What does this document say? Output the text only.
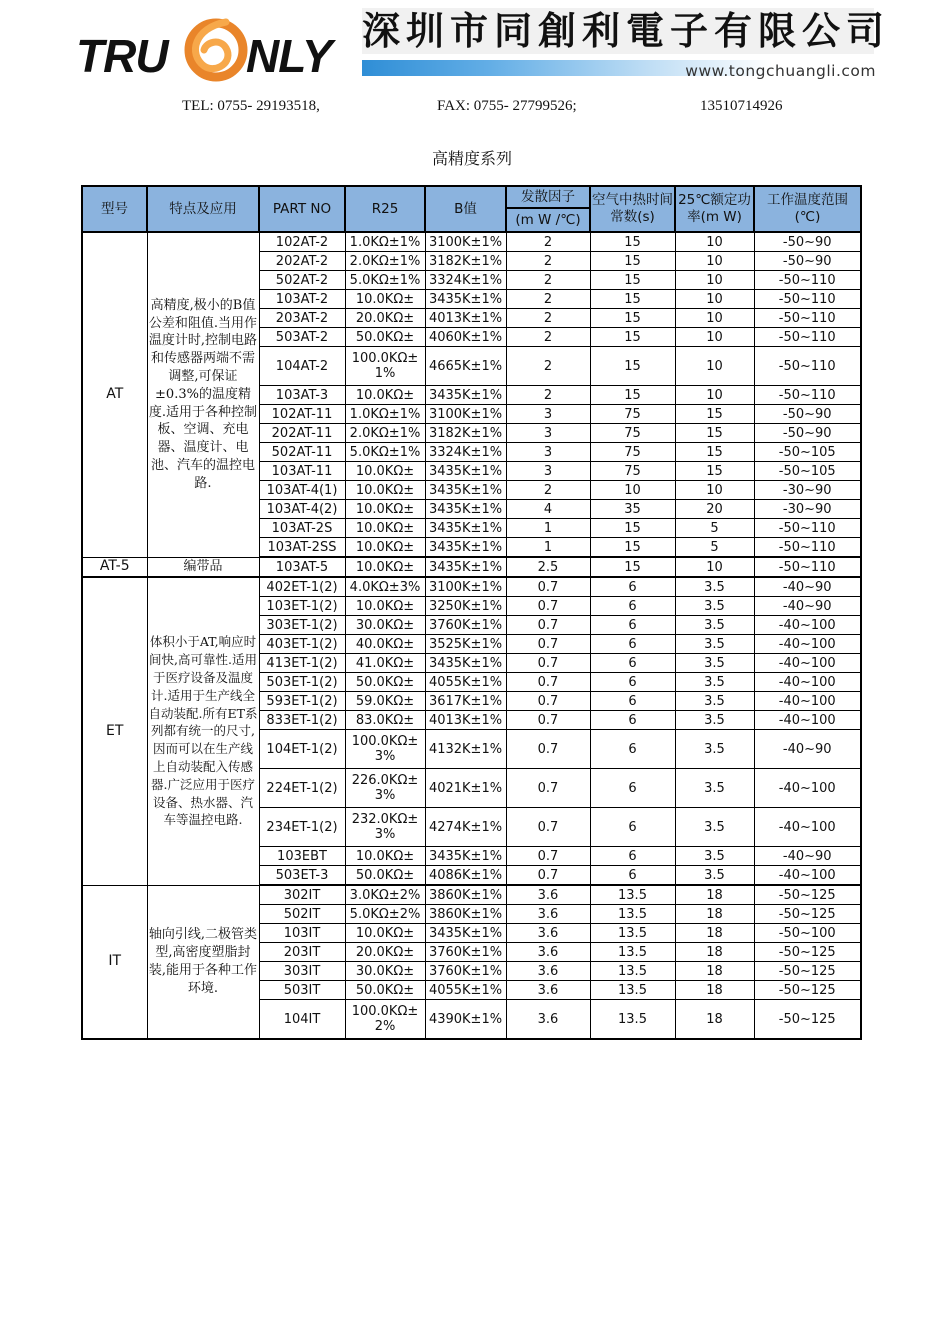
TRU NLY 深圳市同創利電子有限公司
www.tongchuangli.com
TEL: 0755- 29193518,	FAX: 0755- 27799526;	13510714926
高精度系列
型号	特点及应用	PART NO	R25	B值	发散因子	空气中热时间常数(s)	25℃额定功率(m W)	工作温度范围(℃)
					(m W /℃)			
AT	高精度,极小的B值公差和阻值.当用作温度计时,控制电路和传感器两端不需调整,可保证±0.3%的温度精度.适用于各种控制板、空调、充电器、温度计、电池、汽车的温控电路.	102AT-2	1.0KΩ±1%	3100K±1%	2	15	10	-50~90
		202AT-2	2.0KΩ±1%	3182K±1%	2	15	10	-50~90
		502AT-2	5.0KΩ±1%	3324K±1%	2	15	10	-50~110
		103AT-2	10.0KΩ±	3435K±1%	2	15	10	-50~110
		203AT-2	20.0KΩ±	4013K±1%	2	15	10	-50~110
		503AT-2	50.0KΩ±	4060K±1%	2	15	10	-50~110
		104AT-2	100.0KΩ± 1%	4665K±1%	2	15	10	-50~110
		103AT-3	10.0KΩ±	3435K±1%	2	15	10	-50~110
		102AT-11	1.0KΩ±1%	3100K±1%	3	75	15	-50~90
		202AT-11	2.0KΩ±1%	3182K±1%	3	75	15	-50~90
		502AT-11	5.0KΩ±1%	3324K±1%	3	75	15	-50~105
		103AT-11	10.0KΩ±	3435K±1%	3	75	15	-50~105
		103AT-4(1)	10.0KΩ±	3435K±1%	2	10	10	-30~90
		103AT-4(2)	10.0KΩ±	3435K±1%	4	35	20	-30~90
		103AT-2S	10.0KΩ±	3435K±1%	1	15	5	-50~110
		103AT-2SS	10.0KΩ±	3435K±1%	1	15	5	-50~110
AT-5	编带品	103AT-5	10.0KΩ±	3435K±1%	2.5	15	10	-50~110
ET	体积小于AT,响应时间快,高可靠性.适用于医疗设备及温度计.适用于生产线全自动装配.所有ET系列都有统一的尺寸,因而可以在生产线上自动装配入传感器.广泛应用于医疗设备、热水器、汽车等温控电路.	402ET-1(2)	4.0KΩ±3%	3100K±1%	0.7	6	3.5	-40~90
		103ET-1(2)	10.0KΩ±	3250K±1%	0.7	6	3.5	-40~90
		303ET-1(2)	30.0KΩ±	3760K±1%	0.7	6	3.5	-40~100
		403ET-1(2)	40.0KΩ±	3525K±1%	0.7	6	3.5	-40~100
		413ET-1(2)	41.0KΩ±	3435K±1%	0.7	6	3.5	-40~100
		503ET-1(2)	50.0KΩ±	4055K±1%	0.7	6	3.5	-40~100
		593ET-1(2)	59.0KΩ±	3617K±1%	0.7	6	3.5	-40~100
		833ET-1(2)	83.0KΩ±	4013K±1%	0.7	6	3.5	-40~100
		104ET-1(2)	100.0KΩ± 3%	4132K±1%	0.7	6	3.5	-40~90
		224ET-1(2)	226.0KΩ± 3%	4021K±1%	0.7	6	3.5	-40~100
		234ET-1(2)	232.0KΩ± 3%	4274K±1%	0.7	6	3.5	-40~100
		103EBT	10.0KΩ±	3435K±1%	0.7	6	3.5	-40~90
		503ET-3	50.0KΩ±	4086K±1%	0.7	6	3.5	-40~100
IT	轴向引线,二极管类型,高密度塑脂封装,能用于各种工作环境.	302IT	3.0KΩ±2%	3860K±1%	3.6	13.5	18	-50~125
		502IT	5.0KΩ±2%	3860K±1%	3.6	13.5	18	-50~125
		103IT	10.0KΩ±	3435K±1%	3.6	13.5	18	-50~100
		203IT	20.0KΩ±	3760K±1%	3.6	13.5	18	-50~125
		303IT	30.0KΩ±	3760K±1%	3.6	13.5	18	-50~125
		503IT	50.0KΩ±	4055K±1%	3.6	13.5	18	-50~125
		104IT	100.0KΩ± 2%	4390K±1%	3.6	13.5	18	-50~125
